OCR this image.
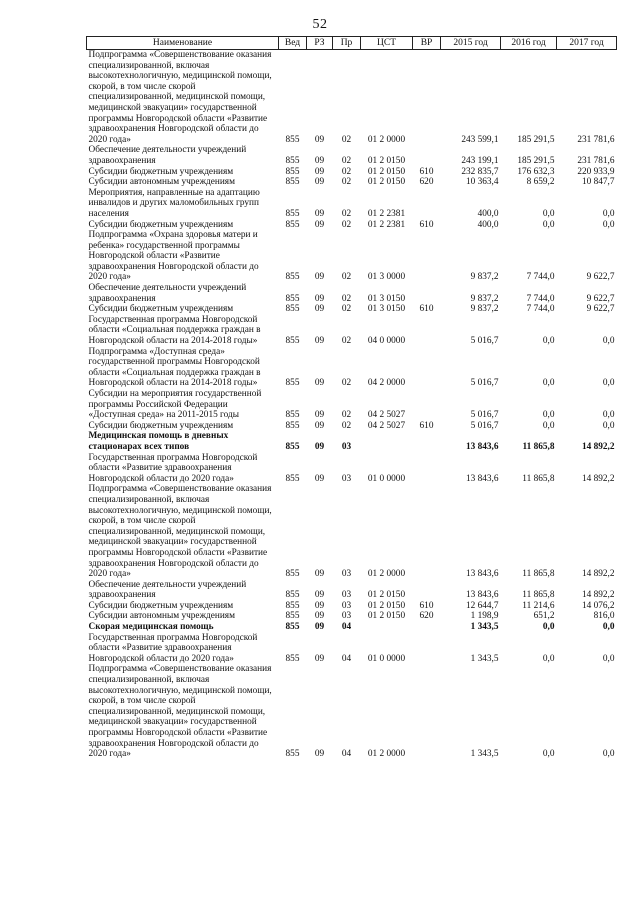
52
Наименование	Вед	РЗ	Пр	ЦСТ	ВР	2015 год	2016 год	2017 год
Подпрограмма «Совершенствование оказания специализированной, включая высокотехнологичную, медицинской помощи, скорой, в том числе скорой специализированной, медицинской помощи, медицинской эвакуации» государственной программы Новгородской области «Развитие здравоохранения Новгородской области до 2020 года»	855	09	02	01 2 0000		243 599,1	185 291,5	231 781,6
Обеспечение деятельности учреждений здравоохранения	855	09	02	01 2 0150		243 199,1	185 291,5	231 781,6
Субсидии бюджетным учреждениям	855	09	02	01 2 0150	610	232 835,7	176 632,3	220 933,9
Субсидии автономным учреждениям	855	09	02	01 2 0150	620	10 363,4	8 659,2	10 847,7
Мероприятия, направленные на адаптацию инвалидов и других маломобильных групп населения	855	09	02	01 2 2381		400,0	0,0	0,0
Субсидии бюджетным учреждениям	855	09	02	01 2 2381	610	400,0	0,0	0,0
Подпрограмма «Охрана здоровья матери и ребенка» государственной программы Новгородской области «Развитие здравоохранения Новгородской области до 2020 года»	855	09	02	01 3 0000		9 837,2	7 744,0	9 622,7
Обеспечение деятельности учреждений здравоохранения	855	09	02	01 3 0150		9 837,2	7 744,0	9 622,7
Субсидии бюджетным учреждениям	855	09	02	01 3 0150	610	9 837,2	7 744,0	9 622,7
Государственная программа Новгородской области «Социальная поддержка граждан в Новгородской области на 2014-2018 годы»	855	09	02	04 0 0000		5 016,7	0,0	0,0
Подпрограмма «Доступная среда» государственной программы Новгородской области «Социальная поддержка граждан в Новгородской области на 2014-2018 годы»	855	09	02	04 2 0000		5 016,7	0,0	0,0
Субсидии на мероприятия государственной программы Российской Федерации «Доступная среда» на 2011-2015 годы	855	09	02	04 2 5027		5 016,7	0,0	0,0
Субсидии бюджетным учреждениям	855	09	02	04 2 5027	610	5 016,7	0,0	0,0
Медицинская помощь в дневных стационарах всех типов	855	09	03			13 843,6	11 865,8	14 892,2
Государственная программа Новгородской области «Развитие здравоохранения Новгородской области до 2020 года»	855	09	03	01 0 0000		13 843,6	11 865,8	14 892,2
Подпрограмма «Совершенствование оказания специализированной, включая высокотехнологичную, медицинской помощи, скорой, в том числе скорой специализированной, медицинской помощи, медицинской эвакуации» государственной программы Новгородской области «Развитие здравоохранения Новгородской области до 2020 года»	855	09	03	01 2 0000		13 843,6	11 865,8	14 892,2
Обеспечение деятельности учреждений здравоохранения	855	09	03	01 2 0150		13 843,6	11 865,8	14 892,2
Субсидии бюджетным учреждениям	855	09	03	01 2 0150	610	12 644,7	11 214,6	14 076,2
Субсидии автономным учреждениям	855	09	03	01 2 0150	620	1 198,9	651,2	816,0
Скорая медицинская помощь	855	09	04			1 343,5	0,0	0,0
Государственная программа Новгородской области «Развитие здравоохранения Новгородской области до 2020 года»	855	09	04	01 0 0000		1 343,5	0,0	0,0
Подпрограмма «Совершенствование оказания специализированной, включая высокотехнологичную, медицинской помощи, скорой, в том числе скорой специализированной, медицинской помощи, медицинской эвакуации» государственной программы Новгородской области «Развитие здравоохранения Новгородской области до 2020 года»	855	09	04	01 2 0000		1 343,5	0,0	0,0
